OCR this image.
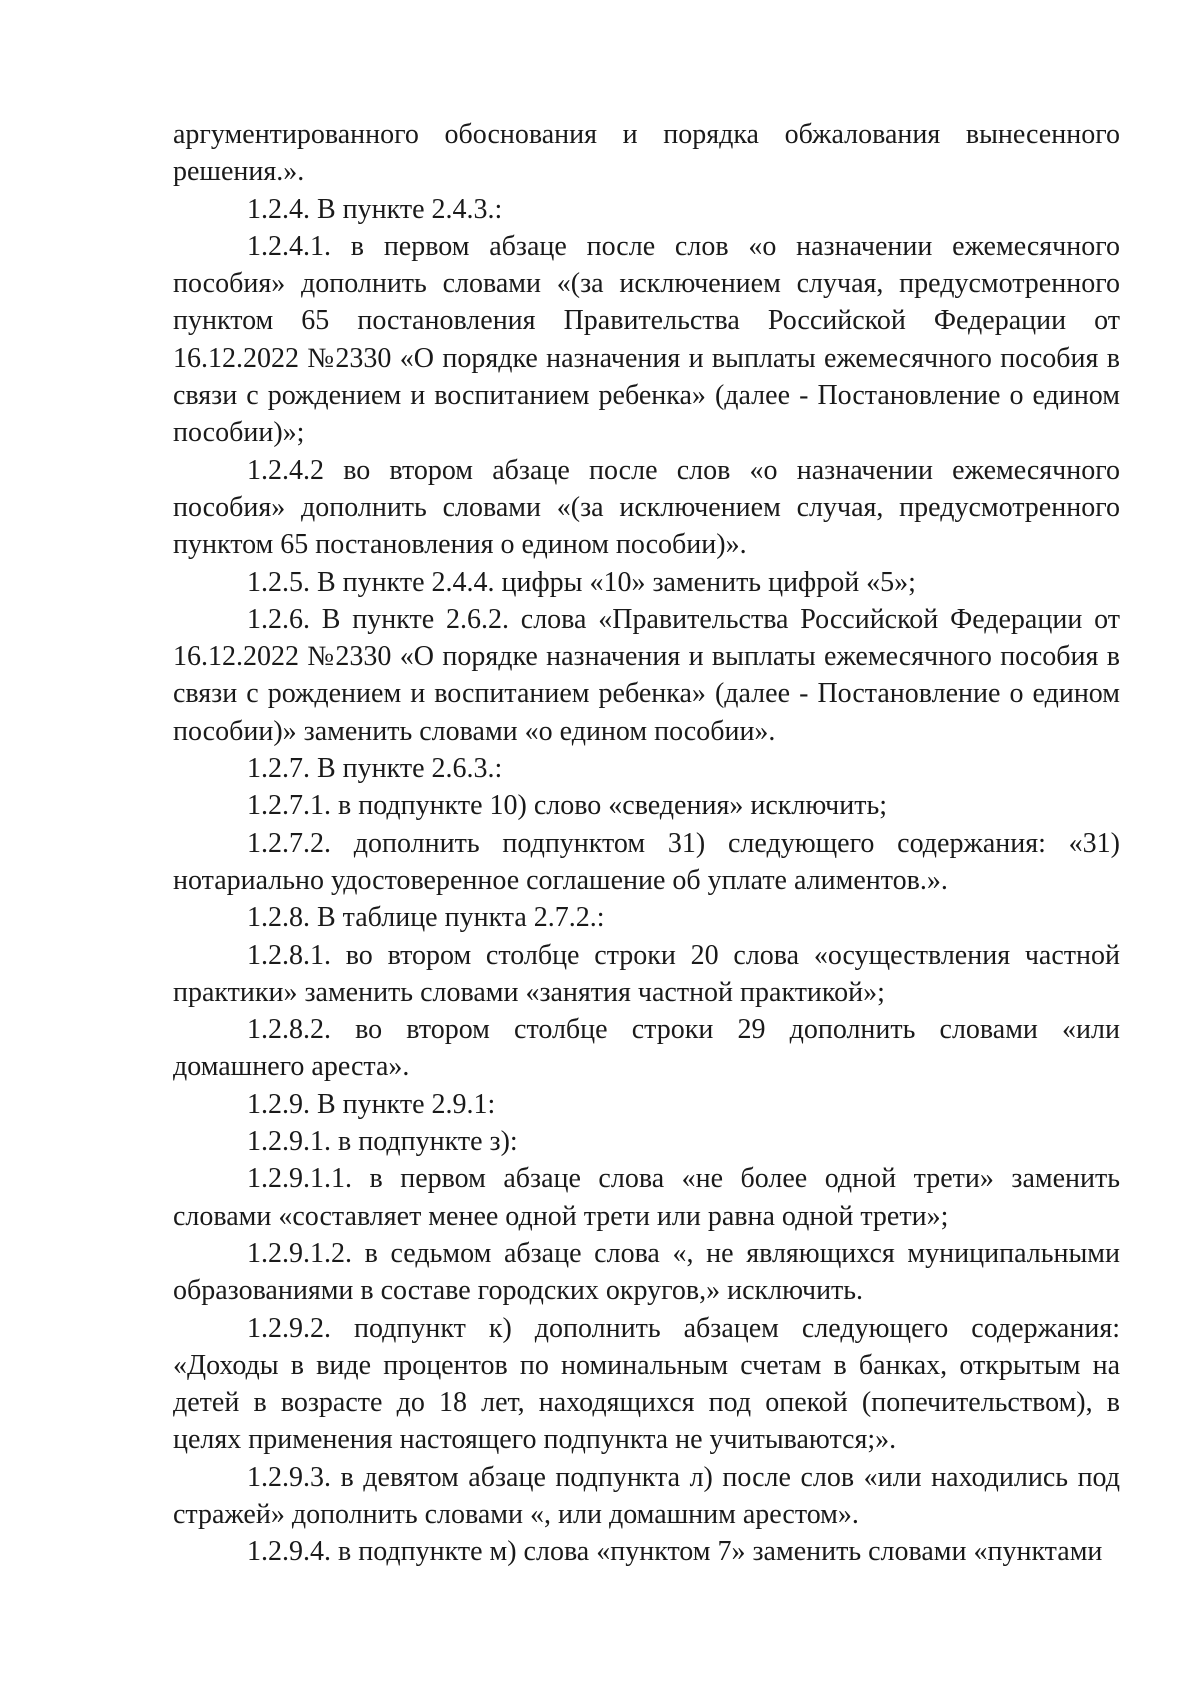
аргументированного обоснования и порядка обжалования вынесенного решения.».

1.2.4. В пункте 2.4.3.:

1.2.4.1. в первом абзаце после слов «о назначении ежемесячного пособия» дополнить словами «(за исключением случая, предусмотренного пунктом 65 постановления Правительства Российской Федерации от 16.12.2022 №2330 «О порядке назначения и выплаты ежемесячного пособия в связи с рождением и воспитанием ребенка» (далее - Постановление о едином пособии)»;

1.2.4.2 во втором абзаце после слов «о назначении ежемесячного пособия» дополнить словами «(за исключением случая, предусмотренного пунктом 65 постановления о едином пособии)».

1.2.5. В пункте 2.4.4. цифры «10» заменить цифрой «5»;

1.2.6. В пункте 2.6.2. слова «Правительства Российской Федерации от 16.12.2022 №2330 «О порядке назначения и выплаты ежемесячного пособия в связи с рождением и воспитанием ребенка» (далее - Постановление о едином пособии)» заменить словами «о едином пособии».

1.2.7. В пункте 2.6.3.:

1.2.7.1. в подпункте 10) слово «сведения» исключить;

1.2.7.2. дополнить подпунктом 31) следующего содержания: «31) нотариально удостоверенное соглашение об уплате алиментов.».

1.2.8. В таблице пункта 2.7.2.:

1.2.8.1. во втором столбце строки 20 слова «осуществления частной практики» заменить словами «занятия частной практикой»;

1.2.8.2. во втором столбце строки 29 дополнить словами «или домашнего ареста».

1.2.9. В пункте 2.9.1:

1.2.9.1. в подпункте з):

1.2.9.1.1. в первом абзаце слова «не более одной трети» заменить словами «составляет менее одной трети или равна одной трети»;

1.2.9.1.2. в седьмом абзаце слова «, не являющихся муниципальными образованиями в составе городских округов,» исключить.

1.2.9.2. подпункт к) дополнить абзацем следующего содержания: «Доходы в виде процентов по номинальным счетам в банках, открытым на детей в возрасте до 18 лет, находящихся под опекой (попечительством), в целях применения настоящего подпункта не учитываются;».

1.2.9.3. в девятом абзаце подпункта л) после слов «или находились под стражей» дополнить словами «, или домашним арестом».

1.2.9.4. в подпункте м) слова «пунктом 7» заменить словами «пунктами
